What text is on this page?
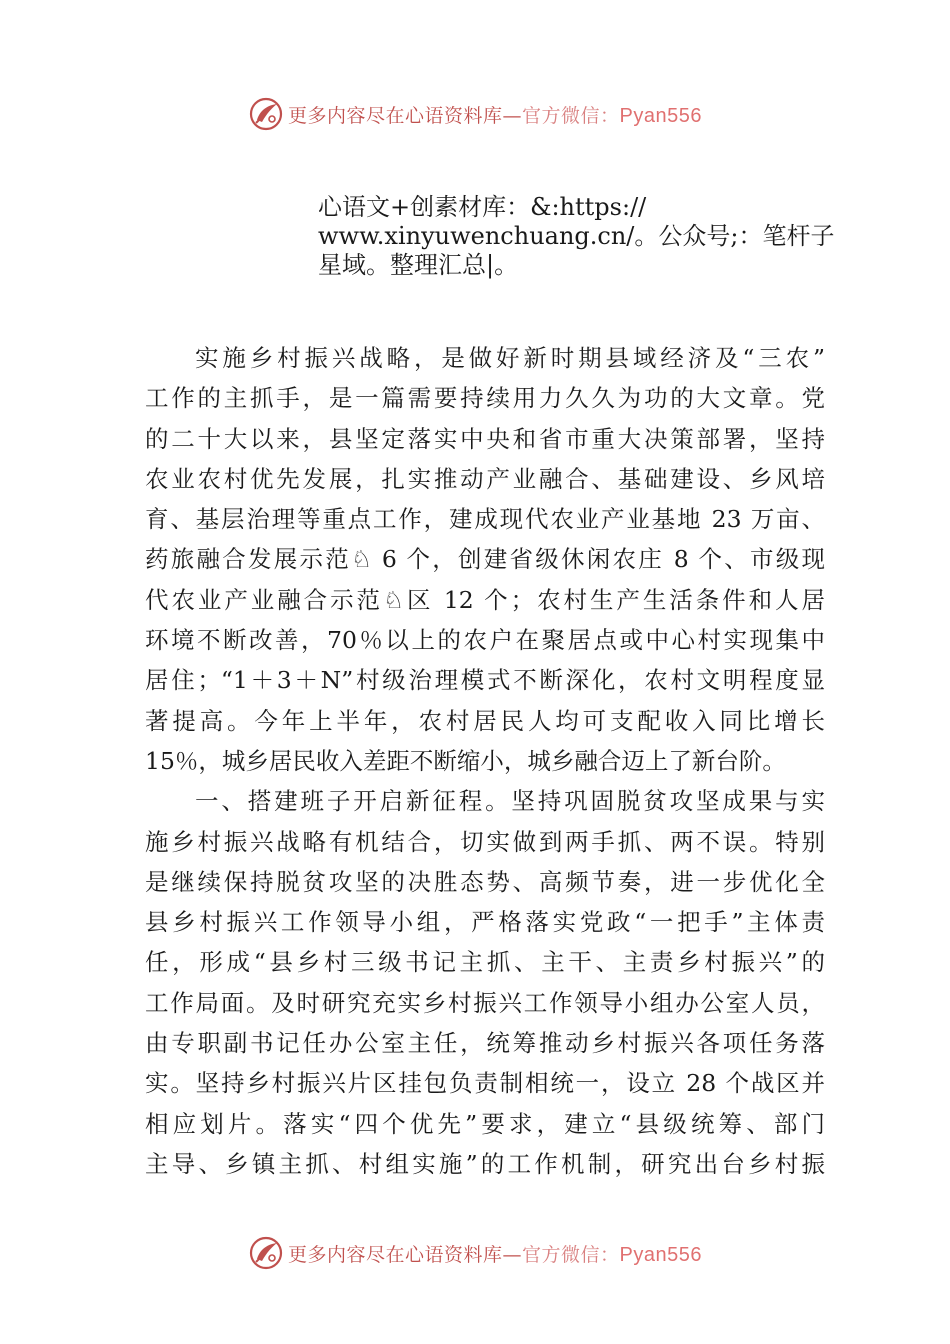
更多内容尽在心语资料库—官方微信：Pyan556
心语文+创素材库：&:https://
www.xinyuwenchuang.cn/。公众号;：笔杆子
星域。整理汇总|。
实施乡村振兴战略，是做好新时期县域经济及“三农”
工作的主抓手，是一篇需要持续用力久久为功的大文章。党
的二十大以来，县坚定落实中央和省市重大决策部署，坚持
农业农村优先发展，扎实推动产业融合、基础建设、乡风培
育、基层治理等重点工作，建成现代农业产业基地 23 万亩、
药旅融合发展示范♘ 6 个，创建省级休闲农庄 8 个、市级现
代农业产业融合示范♘区 12 个；农村生产生活条件和人居
环境不断改善，70％以上的农户在聚居点或中心村实现集中
居住；“1＋3＋N”村级治理模式不断深化，农村文明程度显
著提高。今年上半年，农村居民人均可支配收入同比增长
15％，城乡居民收入差距不断缩小，城乡融合迈上了新台阶。
一、搭建班子开启新征程。坚持巩固脱贫攻坚成果与实
施乡村振兴战略有机结合，切实做到两手抓、两不误。特别
是继续保持脱贫攻坚的决胜态势、高频节奏，进一步优化全
县乡村振兴工作领导小组，严格落实党政“一把手”主体责
任，形成“县乡村三级书记主抓、主干、主责乡村振兴”的
工作局面。及时研究充实乡村振兴工作领导小组办公室人员，
由专职副书记任办公室主任，统筹推动乡村振兴各项任务落
实。坚持乡村振兴片区挂包负责制相统一，设立 28 个战区并
相应划片。落实“四个优先”要求，建立“县级统筹、部门
主导、乡镇主抓、村组实施”的工作机制，研究出台乡村振
更多内容尽在心语资料库—官方微信：Pyan556
